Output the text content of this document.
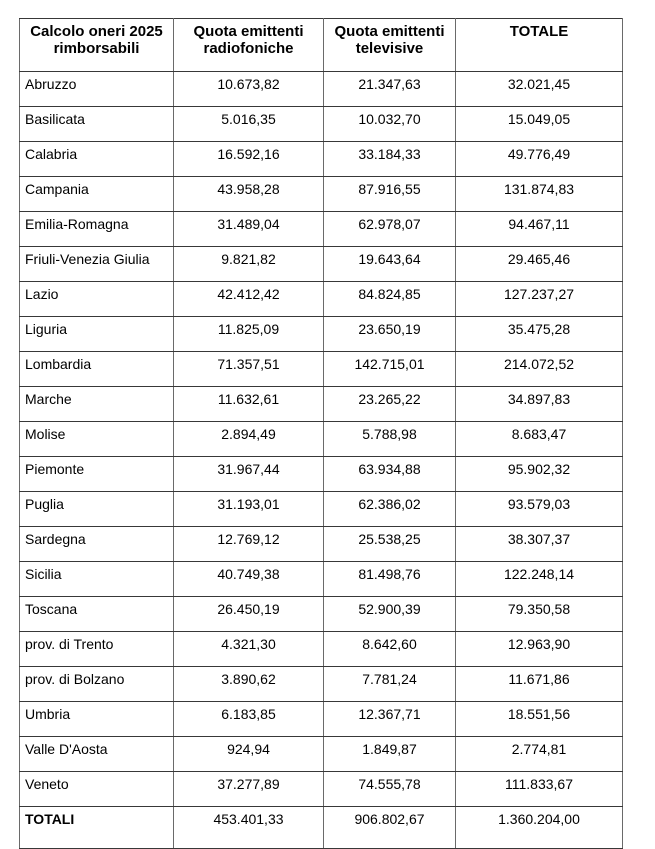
Calcolo oneri 2025 rimborsabili	Quota emittenti radiofoniche	Quota emittenti televisive	TOTALE
Abruzzo	10.673,82	21.347,63	32.021,45
Basilicata	5.016,35	10.032,70	15.049,05
Calabria	16.592,16	33.184,33	49.776,49
Campania	43.958,28	87.916,55	131.874,83
Emilia-Romagna	31.489,04	62.978,07	94.467,11
Friuli-Venezia Giulia	9.821,82	19.643,64	29.465,46
Lazio	42.412,42	84.824,85	127.237,27
Liguria	11.825,09	23.650,19	35.475,28
Lombardia	71.357,51	142.715,01	214.072,52
Marche	11.632,61	23.265,22	34.897,83
Molise	2.894,49	5.788,98	8.683,47
Piemonte	31.967,44	63.934,88	95.902,32
Puglia	31.193,01	62.386,02	93.579,03
Sardegna	12.769,12	25.538,25	38.307,37
Sicilia	40.749,38	81.498,76	122.248,14
Toscana	26.450,19	52.900,39	79.350,58
prov. di Trento	4.321,30	8.642,60	12.963,90
prov. di Bolzano	3.890,62	7.781,24	11.671,86
Umbria	6.183,85	12.367,71	18.551,56
Valle D'Aosta	924,94	1.849,87	2.774,81
Veneto	37.277,89	74.555,78	111.833,67
TOTALI	453.401,33	906.802,67	1.360.204,00
